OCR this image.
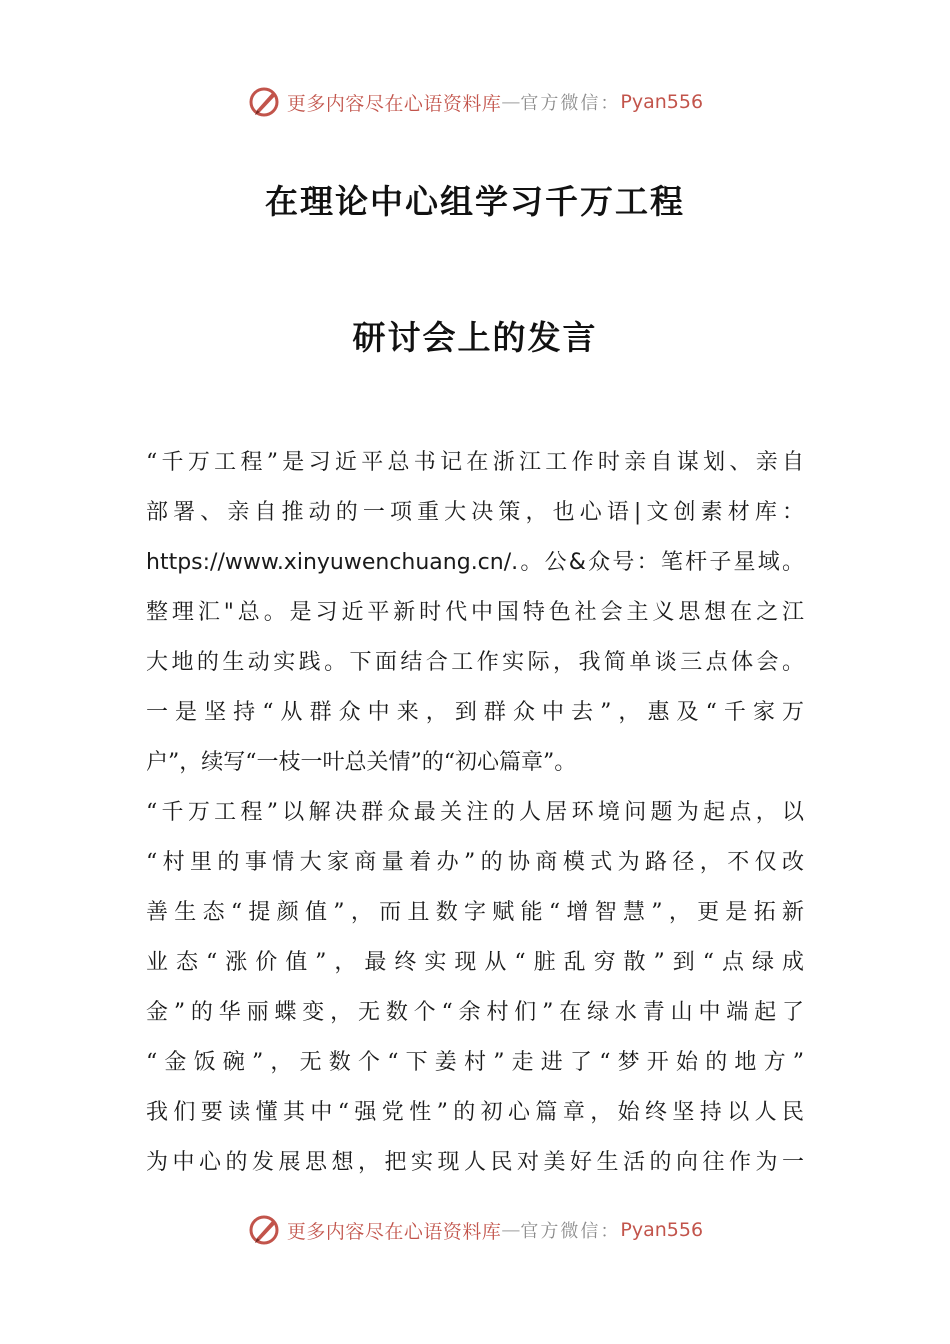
更多内容尽在心语资料库 — 官方微信： Pyan556
在理论中心组学习千万工程
研讨会上的发言
“千万工程”是习近平总书记在浙江工作时亲自谋划、亲自
部署、亲自推动的一项重大决策，也心语|文创素材库：
https://www.xinyuwenchuang.cn/.。公&众号：笔杆子星域。
整理汇"总。是习近平新时代中国特色社会主义思想在之江
大地的生动实践。下面结合工作实际，我简单谈三点体会。
一是坚持“从群众中来，到群众中去”，惠及“千家万
户”，续写“一枝一叶总关情”的“初心篇章”。
“千万工程”以解决群众最关注的人居环境问题为起点，以
“村里的事情大家商量着办”的协商模式为路径，不仅改
善生态“提颜值”，而且数字赋能“增智慧”，更是拓新
业态“涨价值”，最终实现从“脏乱穷散”到“点绿成
金”的华丽蝶变，无数个“余村们”在绿水青山中端起了
“金饭碗”，无数个“下姜村”走进了“梦开始的地方”
我们要读懂其中“强党性”的初心篇章，始终坚持以人民
为中心的发展思想，把实现人民对美好生活的向往作为一
更多内容尽在心语资料库 — 官方微信： Pyan556
